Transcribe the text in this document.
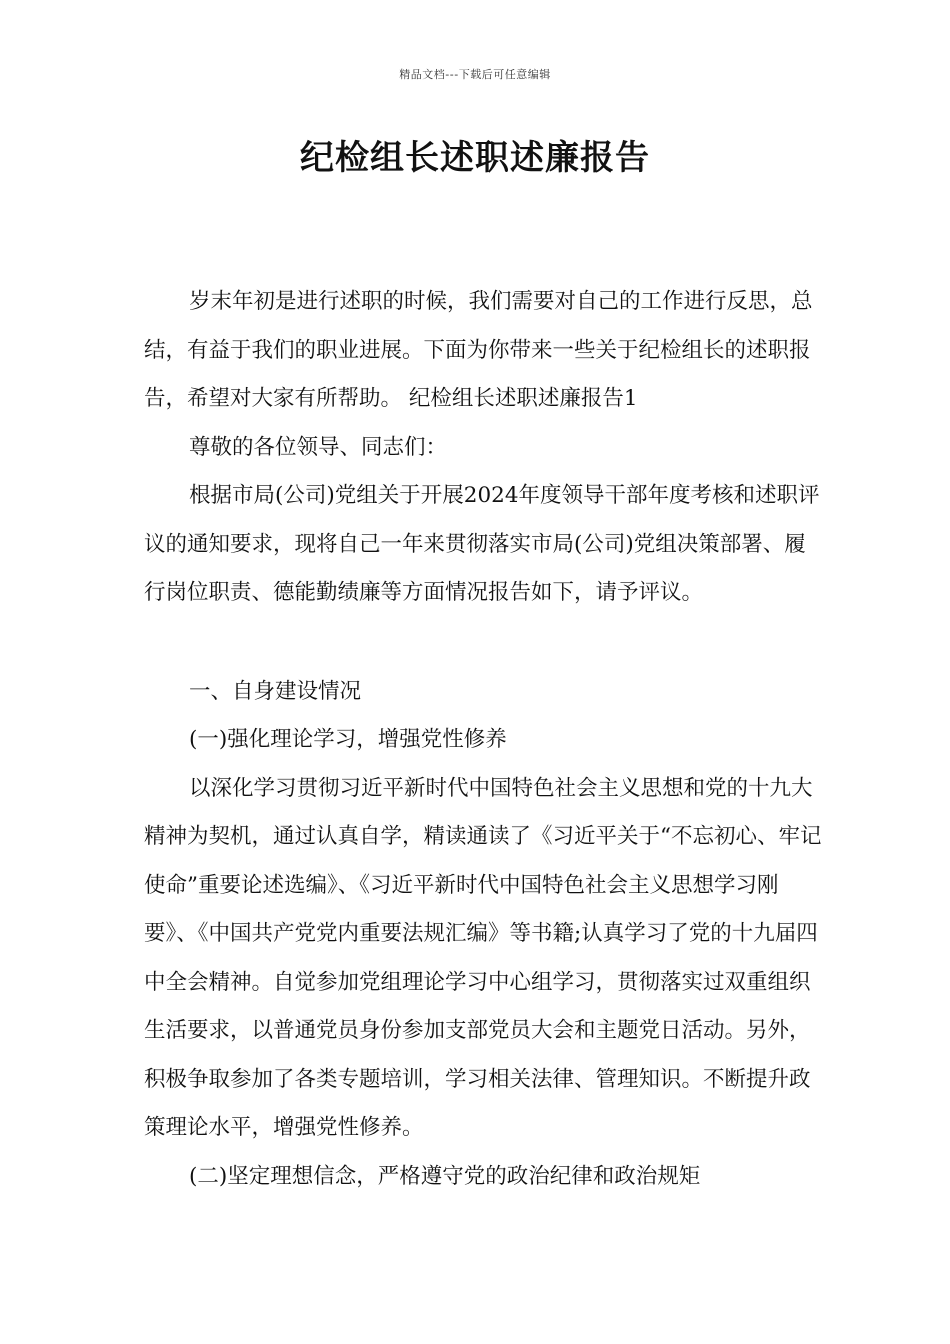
精品文档---下载后可任意编辑
纪检组长述职述廉报告

岁末年初是进行述职的时候，我们需要对自己的工作进行反思，总结，有益于我们的职业进展。下面为你带来一些关于纪检组长的述职报告，希望对大家有所帮助。 纪检组长述职述廉报告1

尊敬的各位领导、同志们：

根据市局(公司)党组关于开展2024年度领导干部年度考核和述职评议的通知要求，现将自己一年来贯彻落实市局(公司)党组决策部署、履行岗位职责、德能勤绩廉等方面情况报告如下，请予评议。

一、自身建设情况

(一)强化理论学习，增强党性修养

以深化学习贯彻习近平新时代中国特色社会主义思想和党的十九大精神为契机，通过认真自学，精读通读了《习近平关于“不忘初心、牢记使命”重要论述选编》、《习近平新时代中国特色社会主义思想学习刚要》、《中国共产党党内重要法规汇编》等书籍;认真学习了党的十九届四中全会精神。自觉参加党组理论学习中心组学习，贯彻落实过双重组织生活要求，以普通党员身份参加支部党员大会和主题党日活动。另外，积极争取参加了各类专题培训，学习相关法律、管理知识。不断提升政策理论水平，增强党性修养。

(二)坚定理想信念，严格遵守党的政治纪律和政治规矩
